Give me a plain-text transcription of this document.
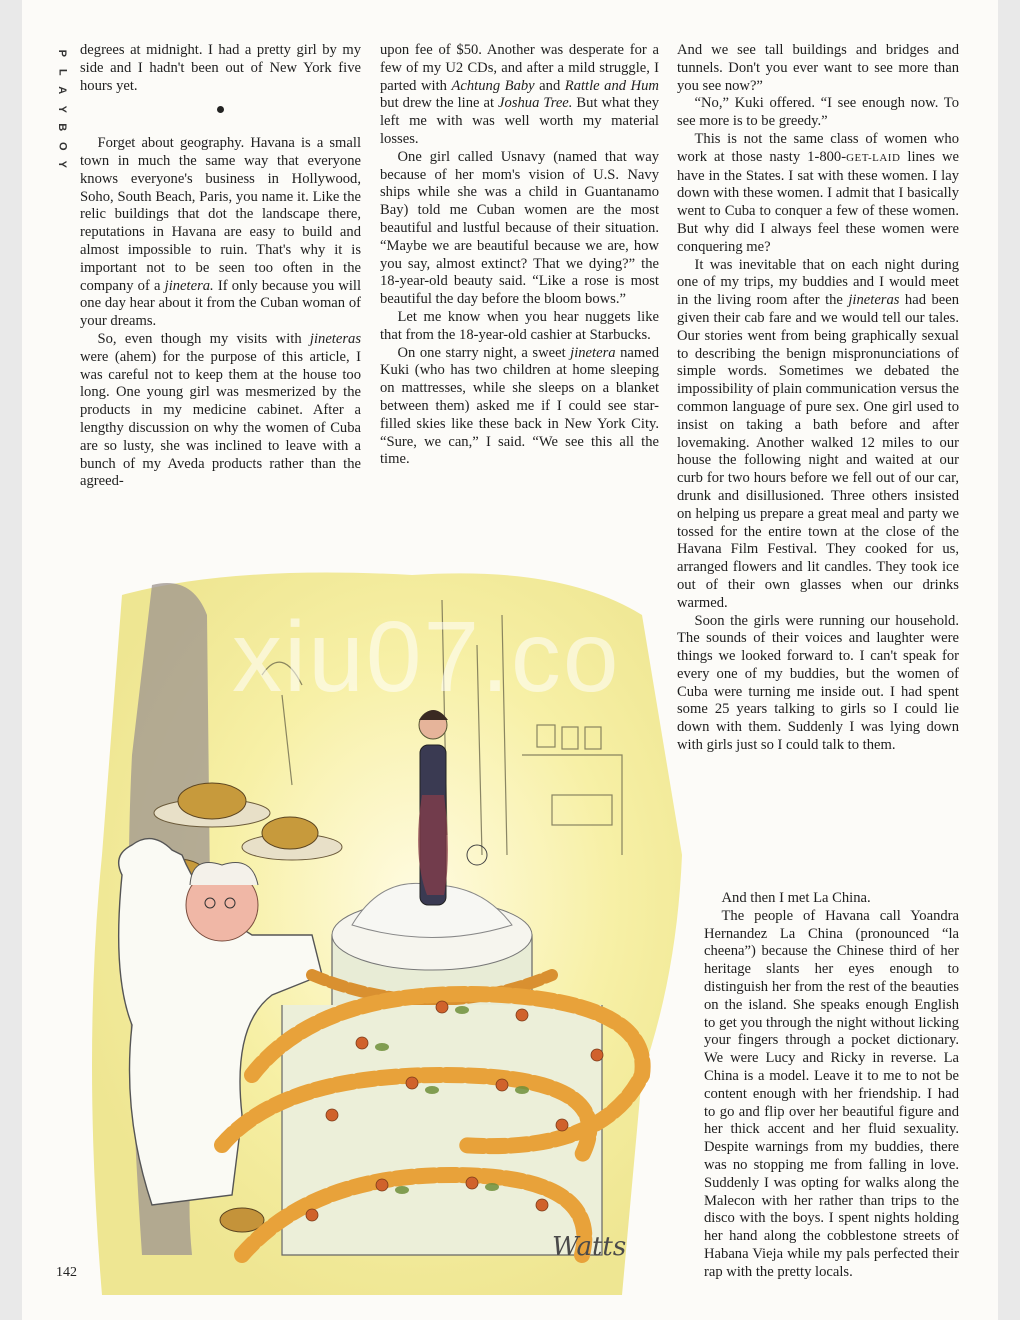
P
L
A
Y
B
O
Y

degrees at midnight. I had a pretty girl by my side and I hadn't been out of New York five hours yet.

Forget about geography. Havana is a small town in much the same way that everyone knows everyone's business in Hollywood, Soho, South Beach, Paris, you name it. Like the relic buildings that dot the landscape there, reputations in Havana are easy to build and almost impossible to ruin. That's why it is important not to be seen too often in the company of a jinetera. If only because you will one day hear about it from the Cuban woman of your dreams.

So, even though my visits with jineteras were (ahem) for the purpose of this article, I was careful not to keep them at the house too long. One young girl was mesmerized by the products in my medicine cabinet. After a lengthy discussion on why the women of Cuba are so lusty, she was inclined to leave with a bunch of my Aveda products rather than the agreed-

upon fee of $50. Another was desperate for a few of my U2 CDs, and after a mild struggle, I parted with Achtung Baby and Rattle and Hum but drew the line at Joshua Tree. But what they left me with was well worth my material losses.

One girl called Usnavy (named that way because of her mom's vision of U.S. Navy ships while she was a child in Guantanamo Bay) told me Cuban women are the most beautiful and lustful because of their situation. “Maybe we are beautiful because we are, how you say, almost extinct? That we dying?” the 18-year-old beauty said. “Like a rose is most beautiful the day before the bloom bows.”

Let me know when you hear nuggets like that from the 18-year-old cashier at Starbucks.

On one starry night, a sweet jinetera named Kuki (who has two children at home sleeping on mattresses, while she sleeps on a blanket between them) asked me if I could see star-filled skies like these back in New York City. “Sure, we can,” I said. “We see this all the time.

And we see tall buildings and bridges and tunnels. Don't you ever want to see more than you see now?”

“No,” Kuki offered. “I see enough now. To see more is to be greedy.”

This is not the same class of women who work at those nasty 1-800-GET-LAID lines we have in the States. I sat with these women. I lay down with these women. I admit that I basically went to Cuba to conquer a few of these women. But why did I always feel these women were conquering me?

It was inevitable that on each night during one of my trips, my buddies and I would meet in the living room after the jineteras had been given their cab fare and we would tell our tales. Our stories went from being graphically sexual to describing the benign mispronunciations of simple words. Sometimes we debated the impossibility of plain communication versus the common language of pure sex. One girl used to insist on taking a bath before and after lovemaking. Another walked 12 miles to our house the following night and waited at our curb for two hours before we fell out of our car, drunk and disillusioned. Three others insisted on helping us prepare a great meal and party we tossed for the entire town at the close of the Havana Film Festival. They cooked for us, arranged flowers and lit candles. They took ice out of their own glasses when our drinks warmed.

Soon the girls were running our household. The sounds of their voices and laughter were things we looked forward to. I can't speak for every one of my buddies, but the women of Cuba were turning me inside out. I had spent some 25 years talking to girls so I could lie down with them. Suddenly I was lying down with girls just so I could talk to them.

And then I met La China.

The people of Havana call Yoandra Hernandez La China (pronounced “la cheena”) because the Chinese third of her heritage slants her eyes enough to distinguish her from the rest of the beauties on the island. She speaks enough English to get you through the night without licking your fingers through a pocket dictionary. We were Lucy and Ricky in reverse. La China is a model. Leave it to me to not be content enough with her friendship. I had to go and flip over her beautiful figure and her thick accent and her fluid sexuality. Despite warnings from my buddies, there was no stopping me from falling in love. Suddenly I was opting for walks along the Malecon with her rather than trips to the disco with the boys. I spent nights holding her hand along the cobblestone streets of Habana Vieja while my pals perfected their rap with the pretty locals.

Watts
xiu07.co
142
